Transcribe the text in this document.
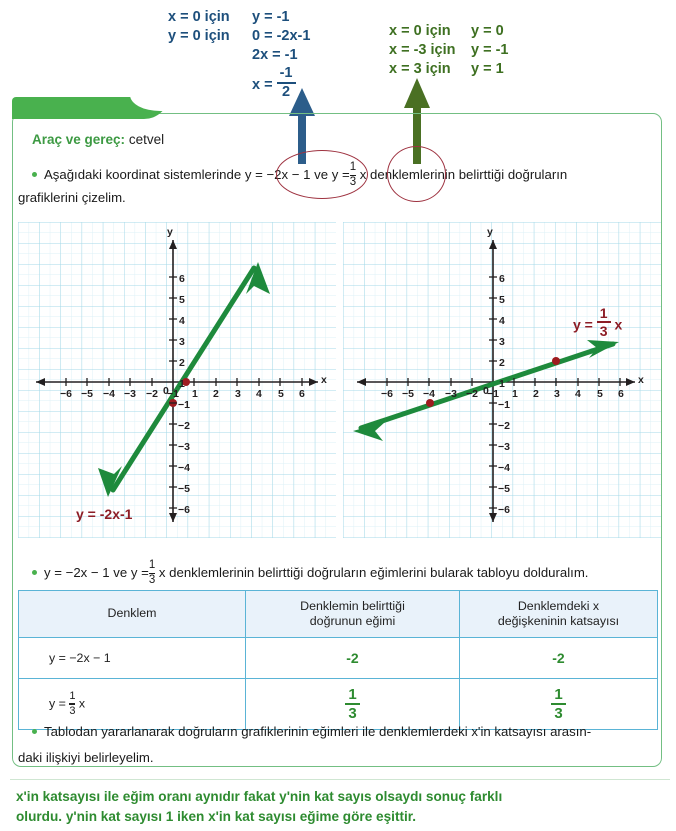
x = 0 için y = -1
y = 0 için 0 = -2x-1
2x = -1
$x = \frac{-1}{2}$
x = 0 için y = 0
x = -3 için y = -1
x = 3 için y = 1
ETKİNLİK
Araç ve gereç: cetvel
Aşağıdaki koordinat sistemlerinde y = −2x − 1 ve $y = \frac{1}{3}$ x denklemlerinin belirttiği doğruların
grafiklerini çizelim.
−6 −5 −4 −3 −2 −1 1 2 3 4 5 6
6
5
4
3
2
1
−1
−2
−3
−4
−5
−6
0
x
y
y = -2x-1
−6 −5 −4 −3 −2 −1 1 2 3 4 5 6
6
5
4
3
2
1
−1
−2
−3
−4
−5
−6
0
x
y
$y = \frac{1}{3}$ x
y = −2x − 1 ve $y = \frac{1}{3}$ x denklemlerinin belirttiği doğruların eğimlerini bularak tabloyu dolduralım.
Denklem	Denklemin belirttiği
doğrunun eğimi	Denklemdeki x
değişkeninin katsayısı
y = −2x − 1	-2	-2
$y = \frac{1}{3}$ x	$\frac{1}{3}$	$\frac{1}{3}$
Tablodan yararlanarak doğruların grafiklerinin eğimleri ile denklemlerdeki x'in katsayısı arasın-
daki ilişkiyi belirleyelim.
x'in katsayısı ile eğim oranı aynıdır fakat y'nin kat sayıs olsaydı sonuç farklı
olurdu. y'nin kat sayısı 1 iken x'in kat sayısı eğime göre eşittir.
